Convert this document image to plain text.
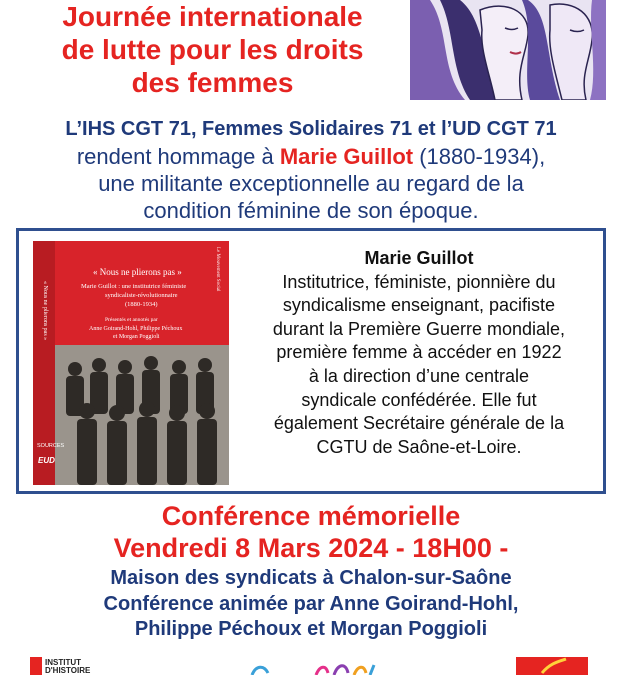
Journée internationale
de lutte pour les droits
des femmes
L’IHS CGT 71, Femmes Solidaires 71 et l’UD CGT 71
rendent hommage à Marie Guillot (1880-1934),
une militante exceptionnelle au regard de la
condition féminine de son époque.
« Nous ne plierons pas »
« Nous ne plierons pas »
Marie Guillot : une institutrice féministe
syndicaliste-révolutionnaire
(1880-1934)
Présentés et annotés par
Anne Goirand-Hohl, Philippe Péchoux
et Morgan Poggioli
Le Mouvement Social
SOURCES
EUD
Marie Guillot
Institutrice, féministe, pionnière du
syndicalisme enseignant, pacifiste
durant la Première Guerre mondiale,
première femme à accéder en 1922
à la direction d’une centrale
syndicale confédérée. Elle fut
également Secrétaire générale de la
CGTU de Saône-et-Loire.
Conférence mémorielle
Vendredi 8 Mars 2024 - 18H00 -
Maison des syndicats à Chalon-sur-Saône
Conférence animée par Anne Goirand-Hohl,
Philippe Péchoux et Morgan Poggioli
INSTITUT
D'HISTOIRE
